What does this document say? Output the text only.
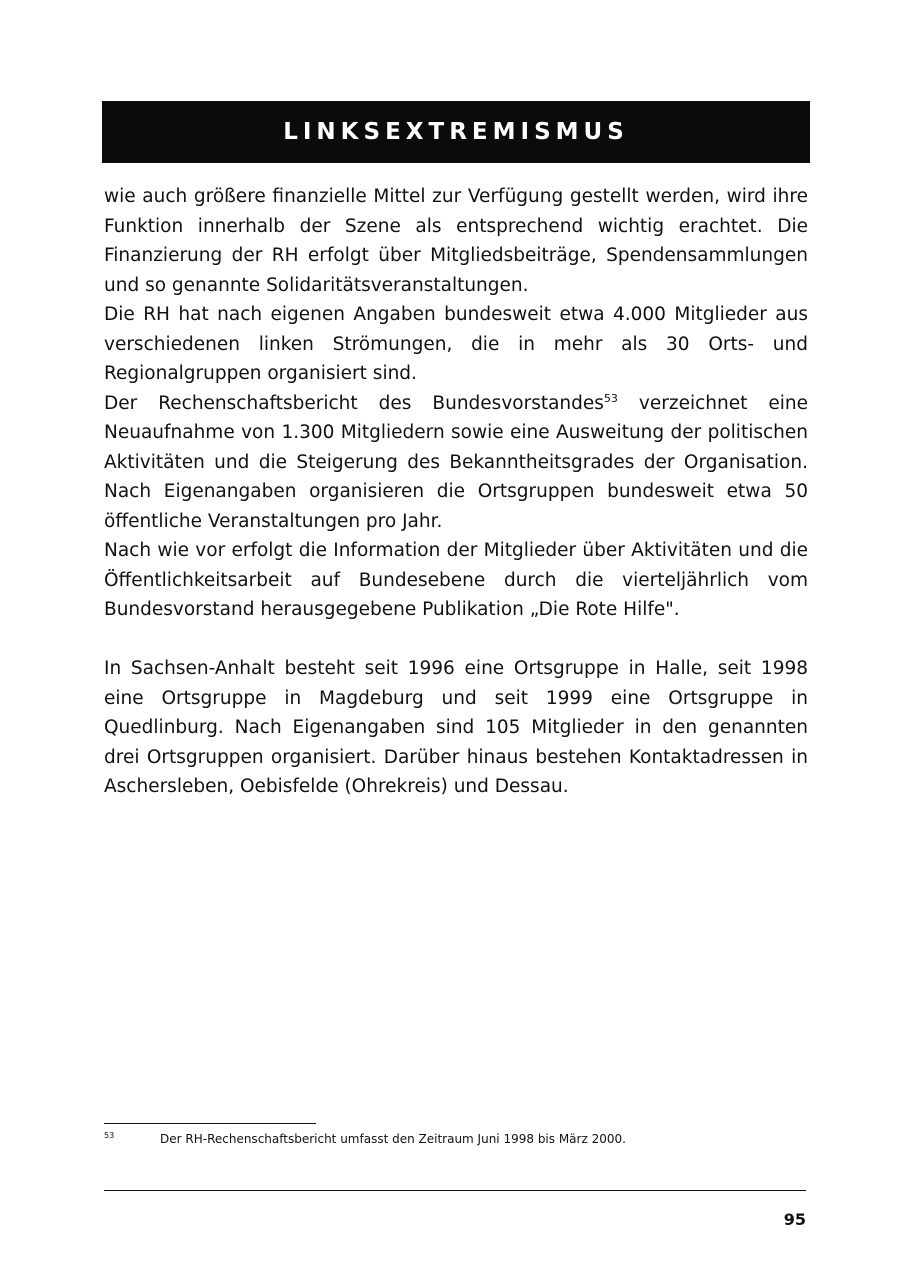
LINKSEXTREMISMUS

wie auch größere finanzielle Mittel zur Verfügung gestellt werden, wird ihre Funktion innerhalb der Szene als entsprechend wichtig erachtet. Die Finanzierung der RH erfolgt über Mitgliedsbeiträge, Spendensammlungen und so genannte Solidaritätsveranstaltungen.

Die RH hat nach eigenen Angaben bundesweit etwa 4.000 Mitglieder aus verschiedenen linken Strömungen, die in mehr als 30 Orts- und Regionalgruppen organisiert sind.

Der Rechenschaftsbericht des Bundesvorstandes$^{53}$ verzeichnet eine Neuaufnahme von 1.300 Mitgliedern sowie eine Ausweitung der politischen Aktivitäten und die Steigerung des Bekanntheitsgrades der Organisation. Nach Eigenangaben organisieren die Ortsgruppen bundesweit etwa 50 öffentliche Veranstaltungen pro Jahr.

Nach wie vor erfolgt die Information der Mitglieder über Aktivitäten und die Öffentlichkeitsarbeit auf Bundesebene durch die vierteljährlich vom Bundesvorstand herausgegebene Publikation „Die Rote Hilfe".

In Sachsen-Anhalt besteht seit 1996 eine Ortsgruppe in Halle, seit 1998 eine Ortsgruppe in Magdeburg und seit 1999 eine Ortsgruppe in Quedlinburg. Nach Eigenangaben sind 105 Mitglieder in den genannten drei Ortsgruppen organisiert. Darüber hinaus bestehen Kontaktadressen in Aschersleben, Oebisfelde (Ohrekreis) und Dessau.

53	Der RH-Rechenschaftsbericht umfasst den Zeitraum Juni 1998 bis März 2000.
95
